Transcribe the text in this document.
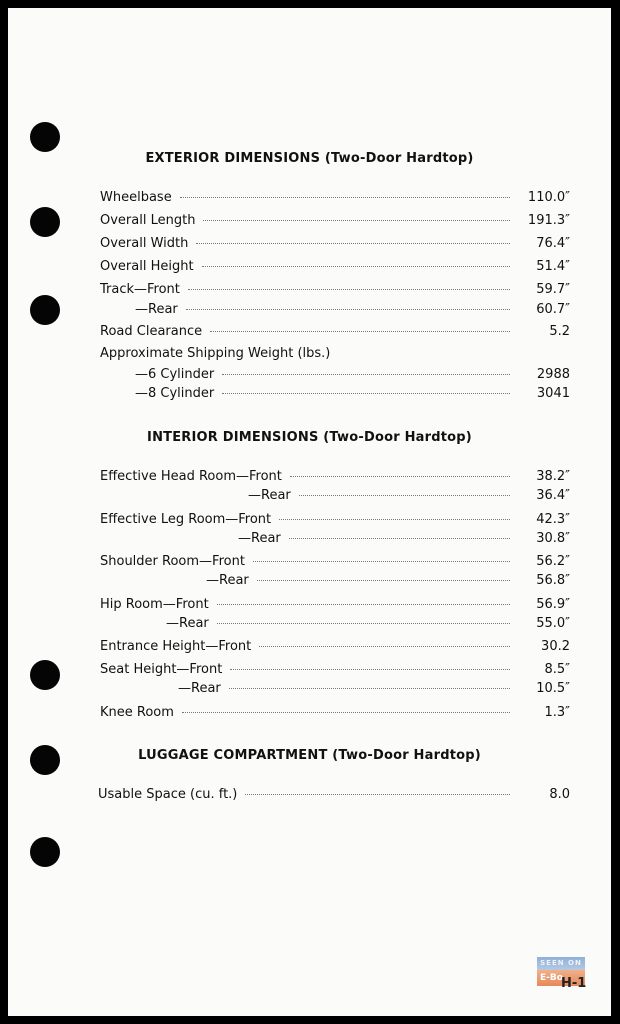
EXTERIOR DIMENSIONS (Two-Door Hardtop)
Wheelbase	110.0″
Overall Length	191.3″
Overall Width	76.4″
Overall Height	51.4″
Track—Front	59.7″
—Rear	60.7″
Road Clearance	5.2
Approximate Shipping Weight (lbs.)
—6 Cylinder	2988
—8 Cylinder	3041
INTERIOR DIMENSIONS (Two-Door Hardtop)
Effective Head Room—Front	38.2″
—Rear	36.4″
Effective Leg Room—Front	42.3″
—Rear	30.8″
Shoulder Room—Front	56.2″
—Rear	56.8″
Hip Room—Front	56.9″
—Rear	55.0″
Entrance Height—Front	30.2
Seat Height—Front	8.5″
—Rear	10.5″
Knee Room	1.3″
LUGGAGE COMPARTMENT (Two-Door Hardtop)
Usable Space (cu. ft.)	8.0
SEEN ON
E-Bo
H-1
